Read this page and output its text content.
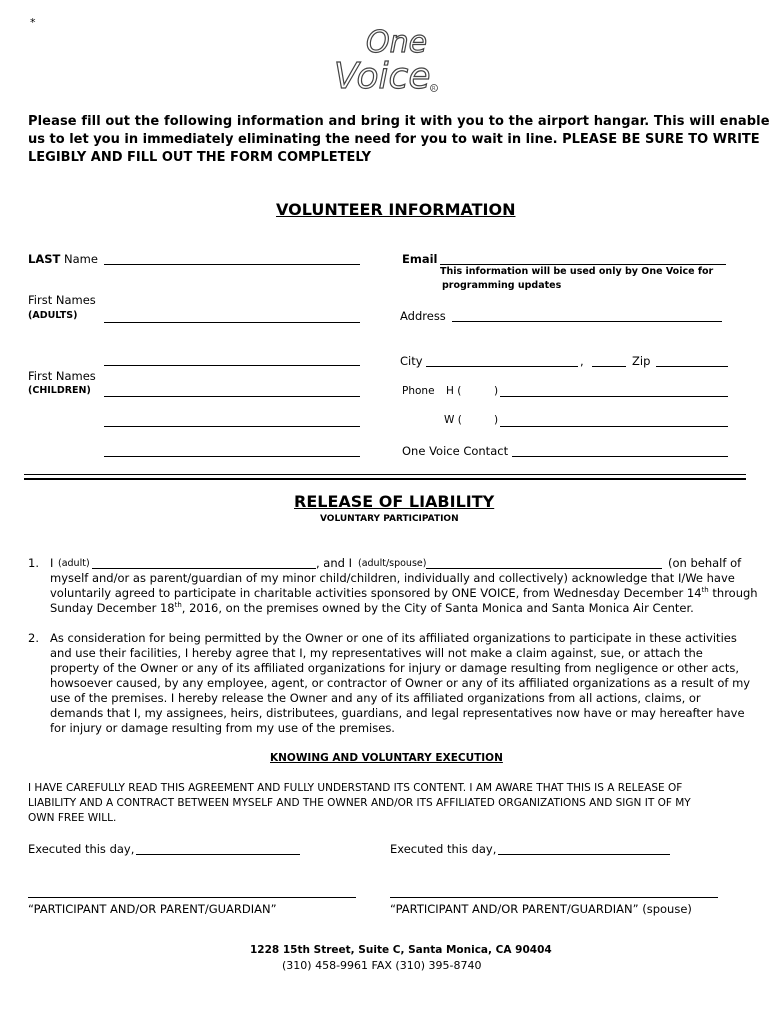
*
One
Voice R
Please fill out the following information and bring it with you to the airport hangar. This will enable
us to let you in immediately eliminating the need for you to wait in line. PLEASE BE SURE TO WRITE
LEGIBLY AND FILL OUT THE FORM COMPLETELY
VOLUNTEER INFORMATION
LAST Name
First Names
(ADULTS)
First Names
(CHILDREN)
Email
This information will be used only by One Voice for
programming updates
Address
City	,	Zip
Phone H (	)
W (	)
One Voice Contact
RELEASE OF LIABILITY
VOLUNTARY PARTICIPATION
1. I (adult)	, and I (adult/spouse)	(on behalf of
myself and/or as parent/guardian of my minor child/children, individually and collectively) acknowledge that I/We have
voluntarily agreed to participate in charitable activities sponsored by ONE VOICE, from Wednesday December 14th through
Sunday December 18th, 2016, on the premises owned by the City of Santa Monica and Santa Monica Air Center.
2. As consideration for being permitted by the Owner or one of its affiliated organizations to participate in these activities
and use their facilities, I hereby agree that I, my representatives will not make a claim against, sue, or attach the
property of the Owner or any of its affiliated organizations for injury or damage resulting from negligence or other acts,
howsoever caused, by any employee, agent, or contractor of Owner or any of its affiliated organizations as a result of my
use of the premises. I hereby release the Owner and any of its affiliated organizations from all actions, claims, or
demands that I, my assignees, heirs, distributees, guardians, and legal representatives now have or may hereafter have
for injury or damage resulting from my use of the premises.
KNOWING AND VOLUNTARY EXECUTION
I HAVE CAREFULLY READ THIS AGREEMENT AND FULLY UNDERSTAND ITS CONTENT. I AM AWARE THAT THIS IS A RELEASE OF
LIABILITY AND A CONTRACT BETWEEN MYSELF AND THE OWNER AND/OR ITS AFFILIATED ORGANIZATIONS AND SIGN IT OF MY
OWN FREE WILL.
Executed this day,	Executed this day,
“PARTICIPANT AND/OR PARENT/GUARDIAN”	“PARTICIPANT AND/OR PARENT/GUARDIAN” (spouse)
1228 15th Street, Suite C, Santa Monica, CA 90404
(310) 458-9961 FAX (310) 395-8740
